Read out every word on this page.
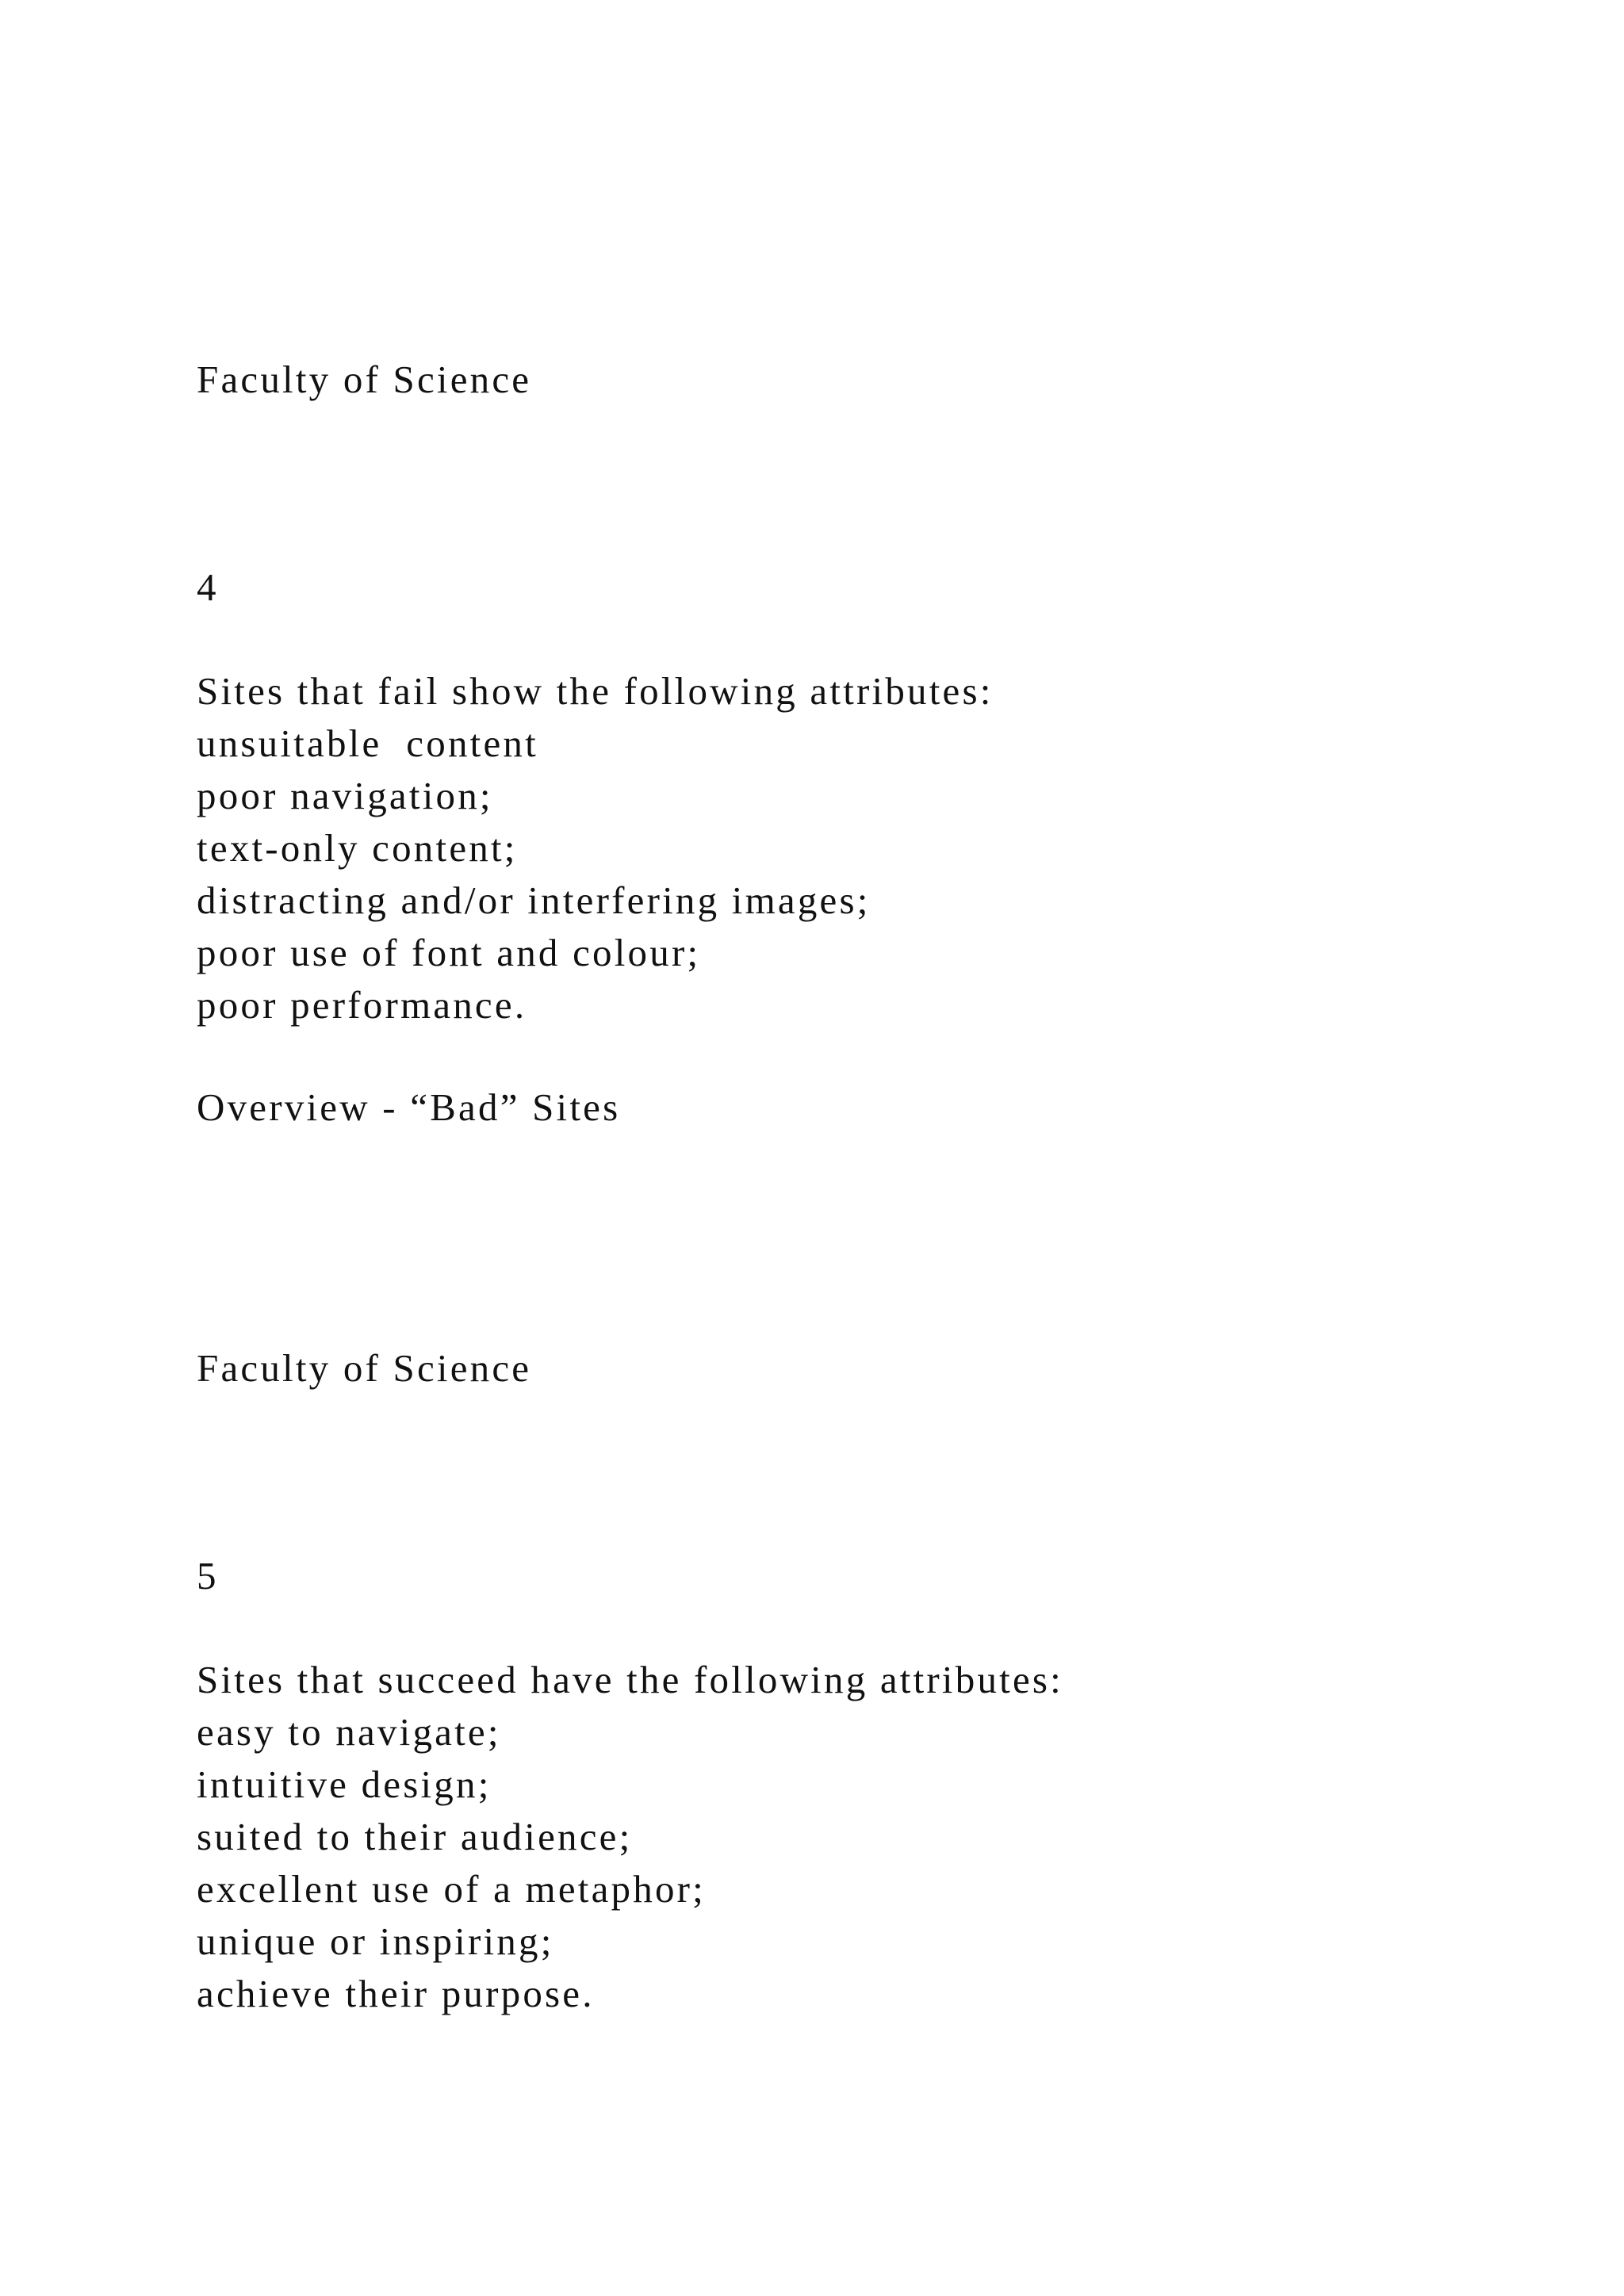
Faculty of Science

4

Sites that fail show the following attributes:

unsuitable  content
poor navigation;
text-only content;
distracting and/or interfering images;
poor use of font and colour;
poor performance.

Overview - “Bad” Sites

Faculty of Science

5

Sites that succeed have the following attributes:

easy to navigate;
intuitive design;
suited to their audience;
excellent use of a metaphor;
unique or inspiring;
achieve their purpose.
